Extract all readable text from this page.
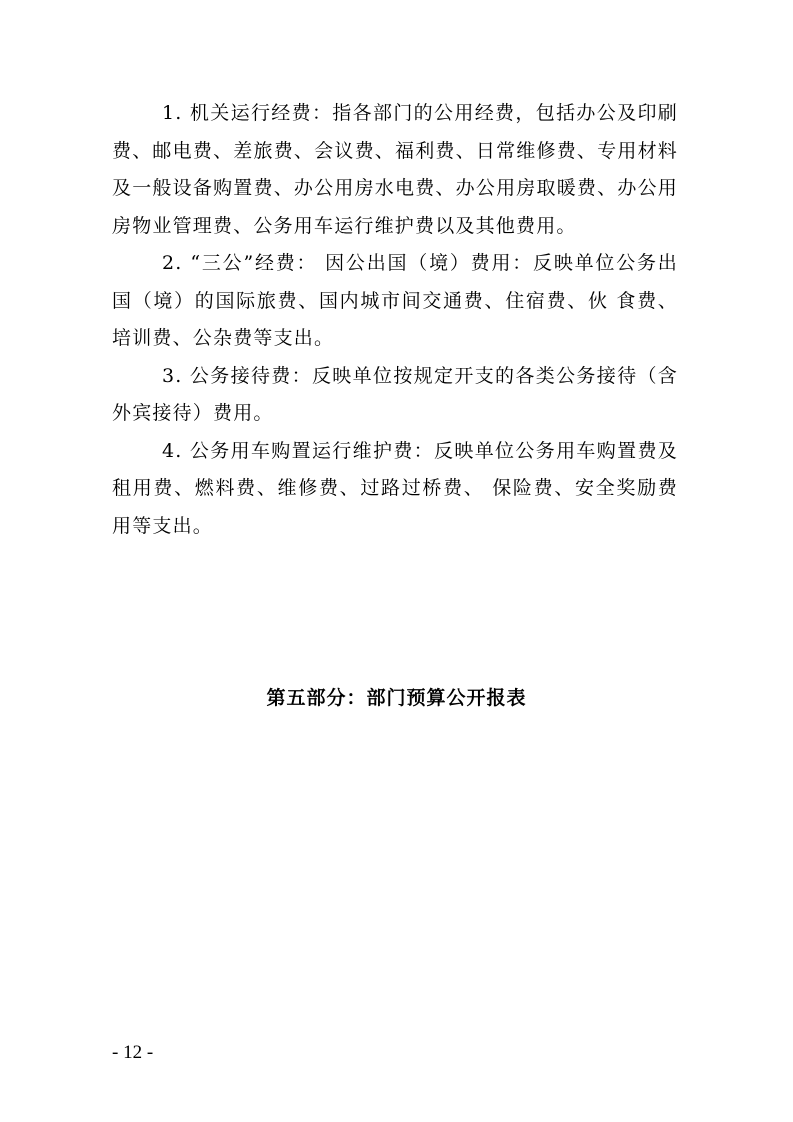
1. 机关运行经费：指各部门的公用经费，包括办公及印刷费、邮电费、差旅费、会议费、福利费、日常维修费、专用材料及一般设备购置费、办公用房水电费、办公用房取暖费、办公用房物业管理费、公务用车运行维护费以及其他费用。

2. “三公”经费： 因公出国（境）费用：反映单位公务出国（境）的国际旅费、国内城市间交通费、住宿费、伙 食费、培训费、公杂费等支出。

3. 公务接待费：反映单位按规定开支的各类公务接待（含外宾接待）费用。

4. 公务用车购置运行维护费：反映单位公务用车购置费及租用费、燃料费、维修费、过路过桥费、 保险费、安全奖励费用等支出。

第五部分：部门预算公开报表

- 12 -
